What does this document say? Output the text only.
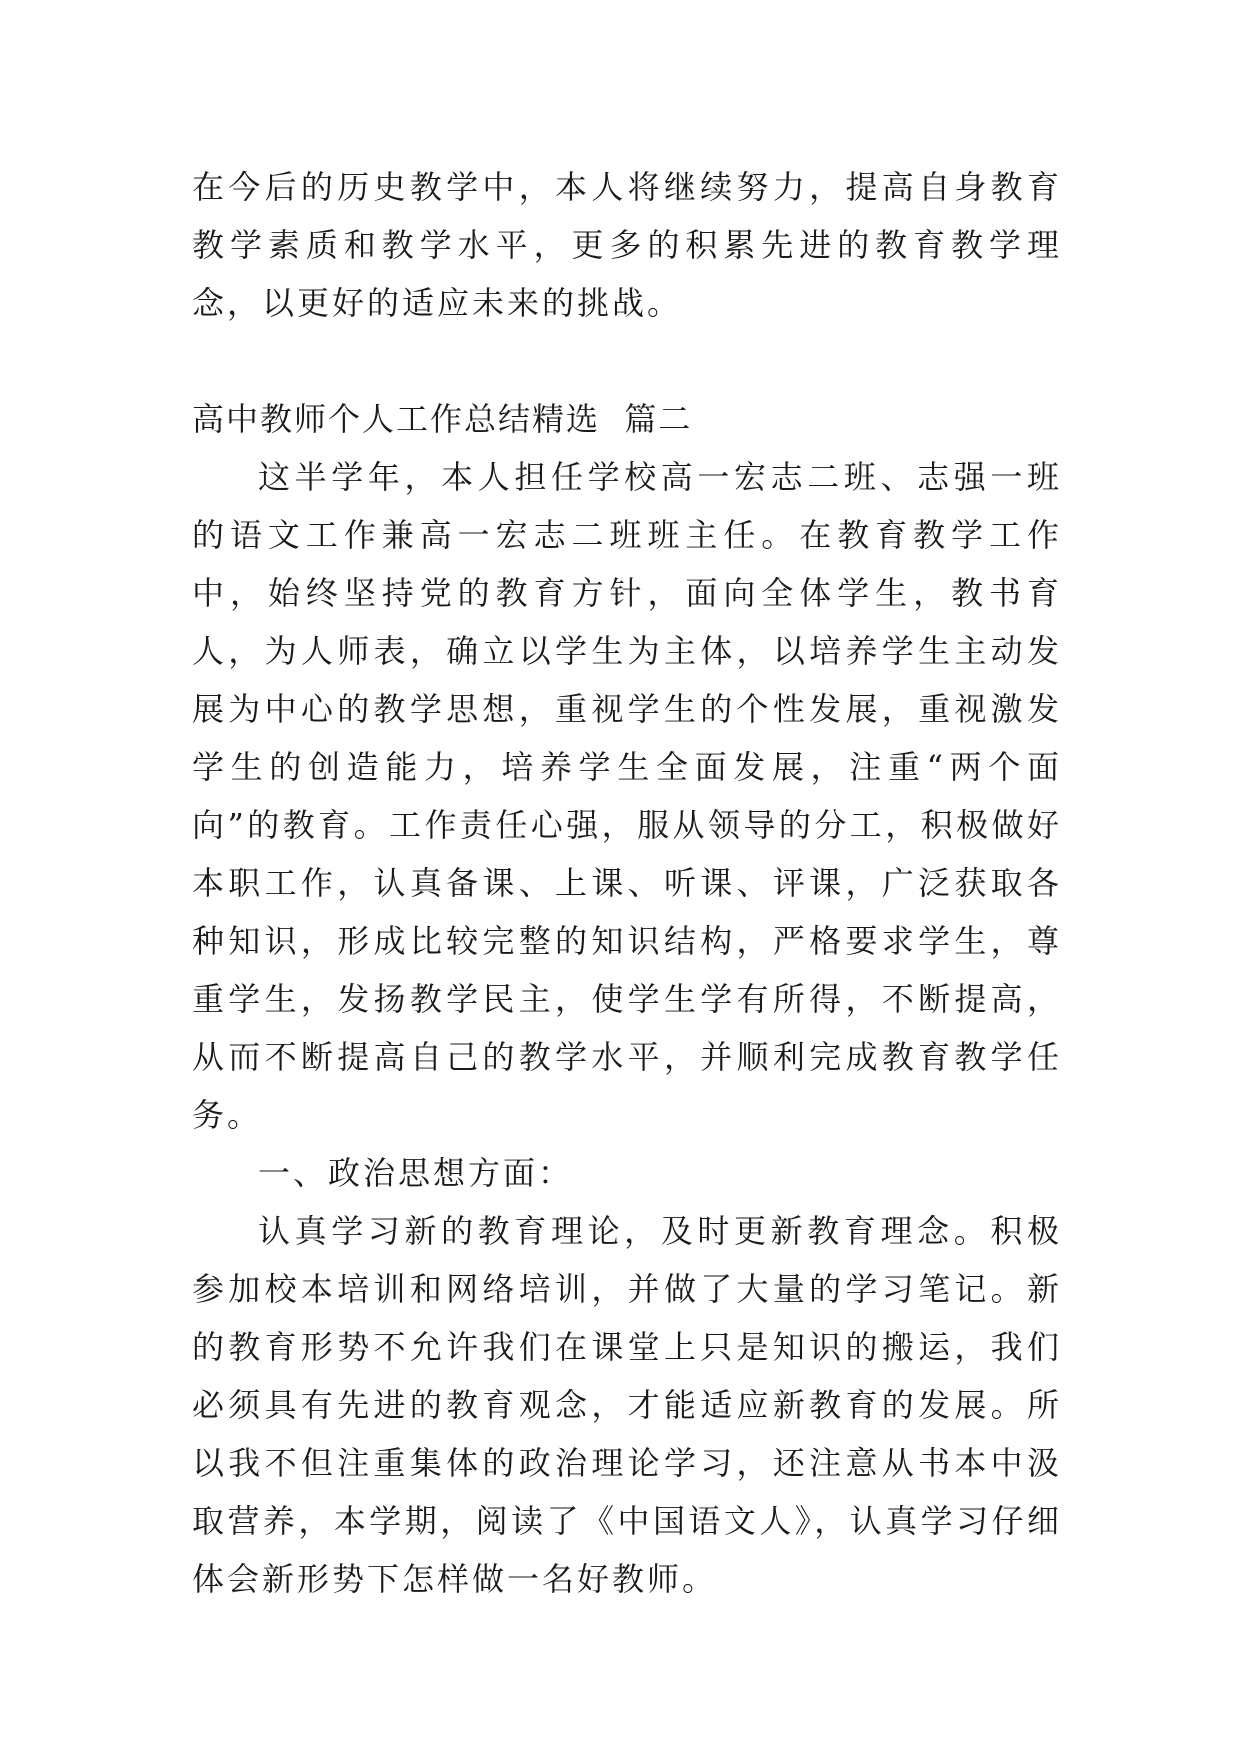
在今后的历史教学中，本人将继续努力，提高自身教育教学素质和教学水平，更多的积累先进的教育教学理念，以更好的适应未来的挑战。

高中教师个人工作总结精选  篇二

这半学年，本人担任学校高一宏志二班、志强一班的语文工作兼高一宏志二班班主任。在教育教学工作中，始终坚持党的教育方针，面向全体学生，教书育人，为人师表，确立以学生为主体，以培养学生主动发展为中心的教学思想，重视学生的个性发展，重视激发学生的创造能力，培养学生全面发展，注重“两个面向”的教育。工作责任心强，服从领导的分工，积极做好本职工作，认真备课、上课、听课、评课，广泛获取各种知识，形成比较完整的知识结构，严格要求学生，尊重学生，发扬教学民主，使学生学有所得，不断提高，从而不断提高自己的教学水平，并顺利完成教育教学任务。

一、政治思想方面：

认真学习新的教育理论，及时更新教育理念。积极参加校本培训和网络培训，并做了大量的学习笔记。新的教育形势不允许我们在课堂上只是知识的搬运，我们必须具有先进的教育观念，才能适应新教育的发展。所以我不但注重集体的政治理论学习，还注意从书本中汲取营养，本学期，阅读了《中国语文人》，认真学习仔细体会新形势下怎样做一名好教师。
